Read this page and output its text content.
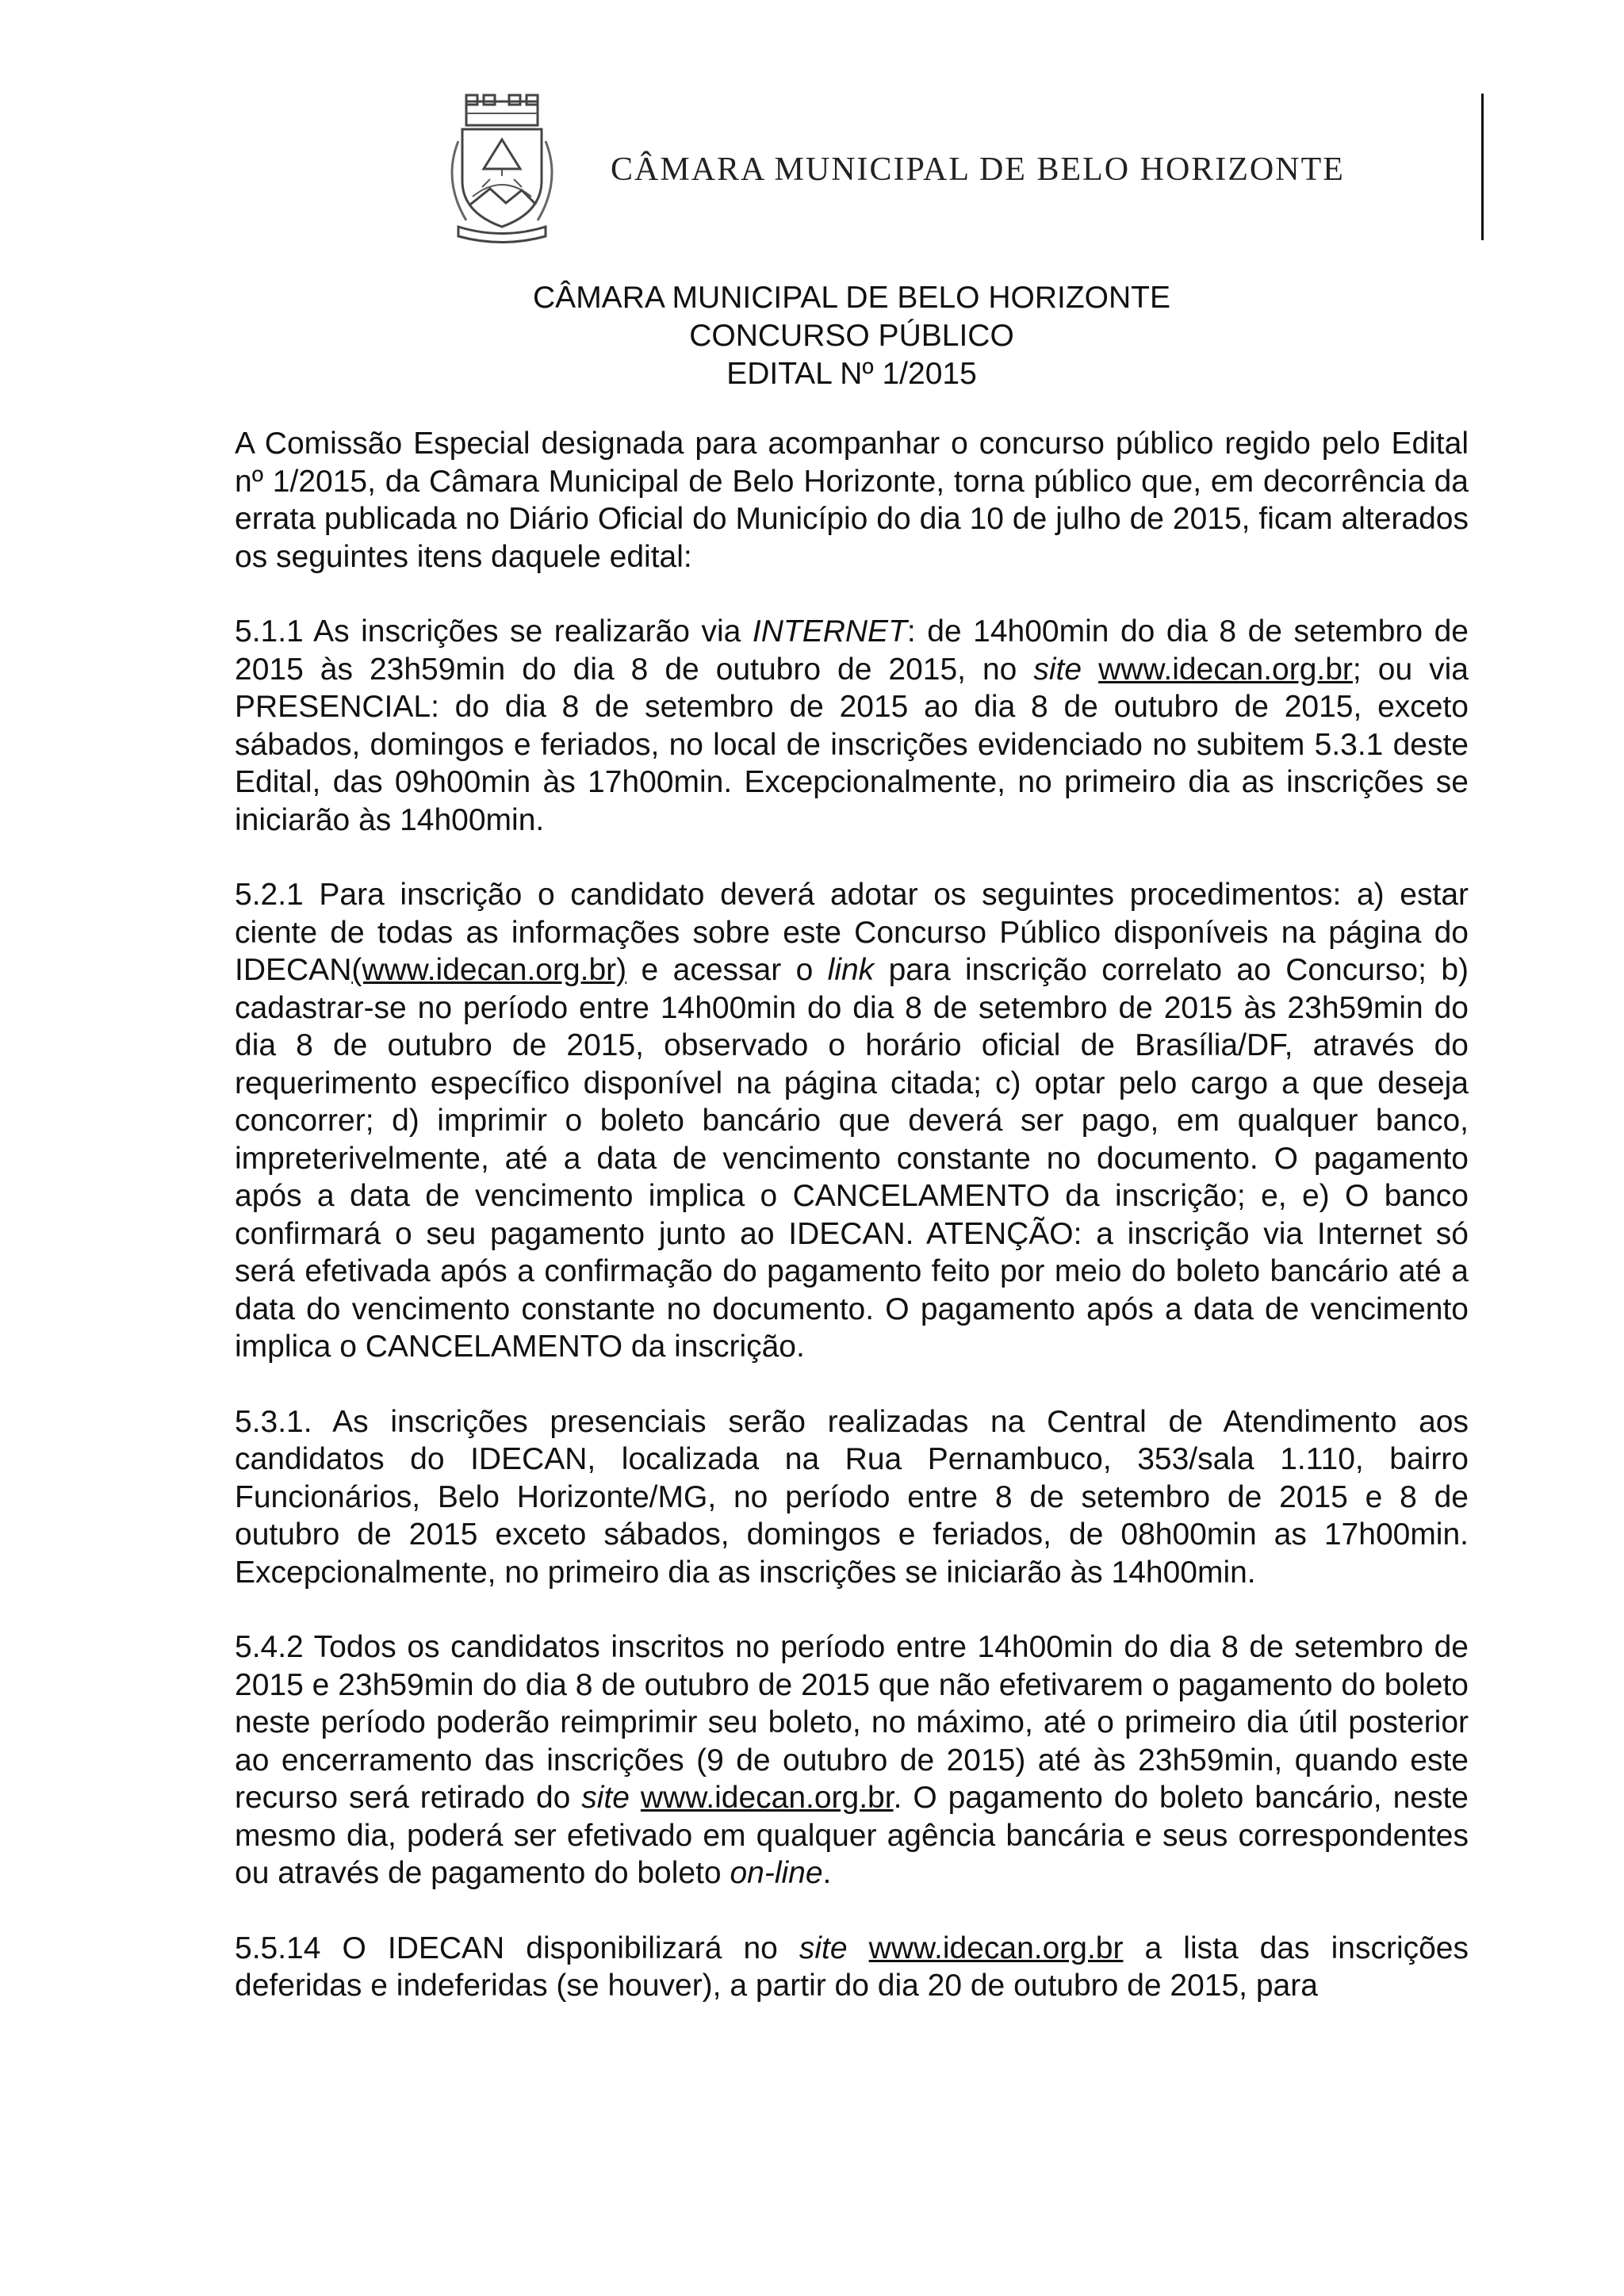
CÂMARA MUNICIPAL DE BELO HORIZONTE
CÂMARA MUNICIPAL DE BELO HORIZONTE
CONCURSO PÚBLICO
EDITAL Nº 1/2015

A Comissão Especial designada para acompanhar o concurso público regido pelo Edital nº 1/2015, da Câmara Municipal de Belo Horizonte, torna público que, em decorrência da errata publicada no Diário Oficial do Município do dia 10 de julho de 2015, ficam alterados os seguintes itens daquele edital:

5.1.1 As inscrições se realizarão via INTERNET: de 14h00min do dia 8 de setembro de 2015 às 23h59min do dia 8 de outubro de 2015, no site www.idecan.org.br; ou via PRESENCIAL: do dia 8 de setembro de 2015 ao dia 8 de outubro de 2015, exceto sábados, domingos e feriados, no local de inscrições evidenciado no subitem 5.3.1 deste Edital, das 09h00min às 17h00min. Excepcionalmente, no primeiro dia as inscrições se iniciarão às 14h00min.

5.2.1 Para inscrição o candidato deverá adotar os seguintes procedimentos: a) estar ciente de todas as informações sobre este Concurso Público disponíveis na página do IDECAN(www.idecan.org.br) e acessar o link para inscrição correlato ao Concurso; b) cadastrar-se no período entre 14h00min do dia 8 de setembro de 2015 às 23h59min do dia 8 de outubro de 2015, observado o horário oficial de Brasília/DF, através do requerimento específico disponível na página citada; c) optar pelo cargo a que deseja concorrer; d) imprimir o boleto bancário que deverá ser pago, em qualquer banco, impreterivelmente, até a data de vencimento constante no documento. O pagamento após a data de vencimento implica o CANCELAMENTO da inscrição; e, e) O banco confirmará o seu pagamento junto ao IDECAN. ATENÇÃO: a inscrição via Internet só será efetivada após a confirmação do pagamento feito por meio do boleto bancário até a data do vencimento constante no documento. O pagamento após a data de vencimento implica o CANCELAMENTO da inscrição.

5.3.1. As inscrições presenciais serão realizadas na Central de Atendimento aos candidatos do IDECAN, localizada na Rua Pernambuco, 353/sala 1.110, bairro Funcionários, Belo Horizonte/MG, no período entre 8 de setembro de 2015 e 8 de outubro de 2015 exceto sábados, domingos e feriados, de 08h00min as 17h00min. Excepcionalmente, no primeiro dia as inscrições se iniciarão às 14h00min.

5.4.2 Todos os candidatos inscritos no período entre 14h00min do dia 8 de setembro de 2015 e 23h59min do dia 8 de outubro de 2015 que não efetivarem o pagamento do boleto neste período poderão reimprimir seu boleto, no máximo, até o primeiro dia útil posterior ao encerramento das inscrições (9 de outubro de 2015) até às 23h59min, quando este recurso será retirado do site www.idecan.org.br. O pagamento do boleto bancário, neste mesmo dia, poderá ser efetivado em qualquer agência bancária e seus correspondentes ou através de pagamento do boleto on-line.

5.5.14 O IDECAN disponibilizará no site www.idecan.org.br a lista das inscrições deferidas e indeferidas (se houver), a partir do dia 20 de outubro de 2015, para
